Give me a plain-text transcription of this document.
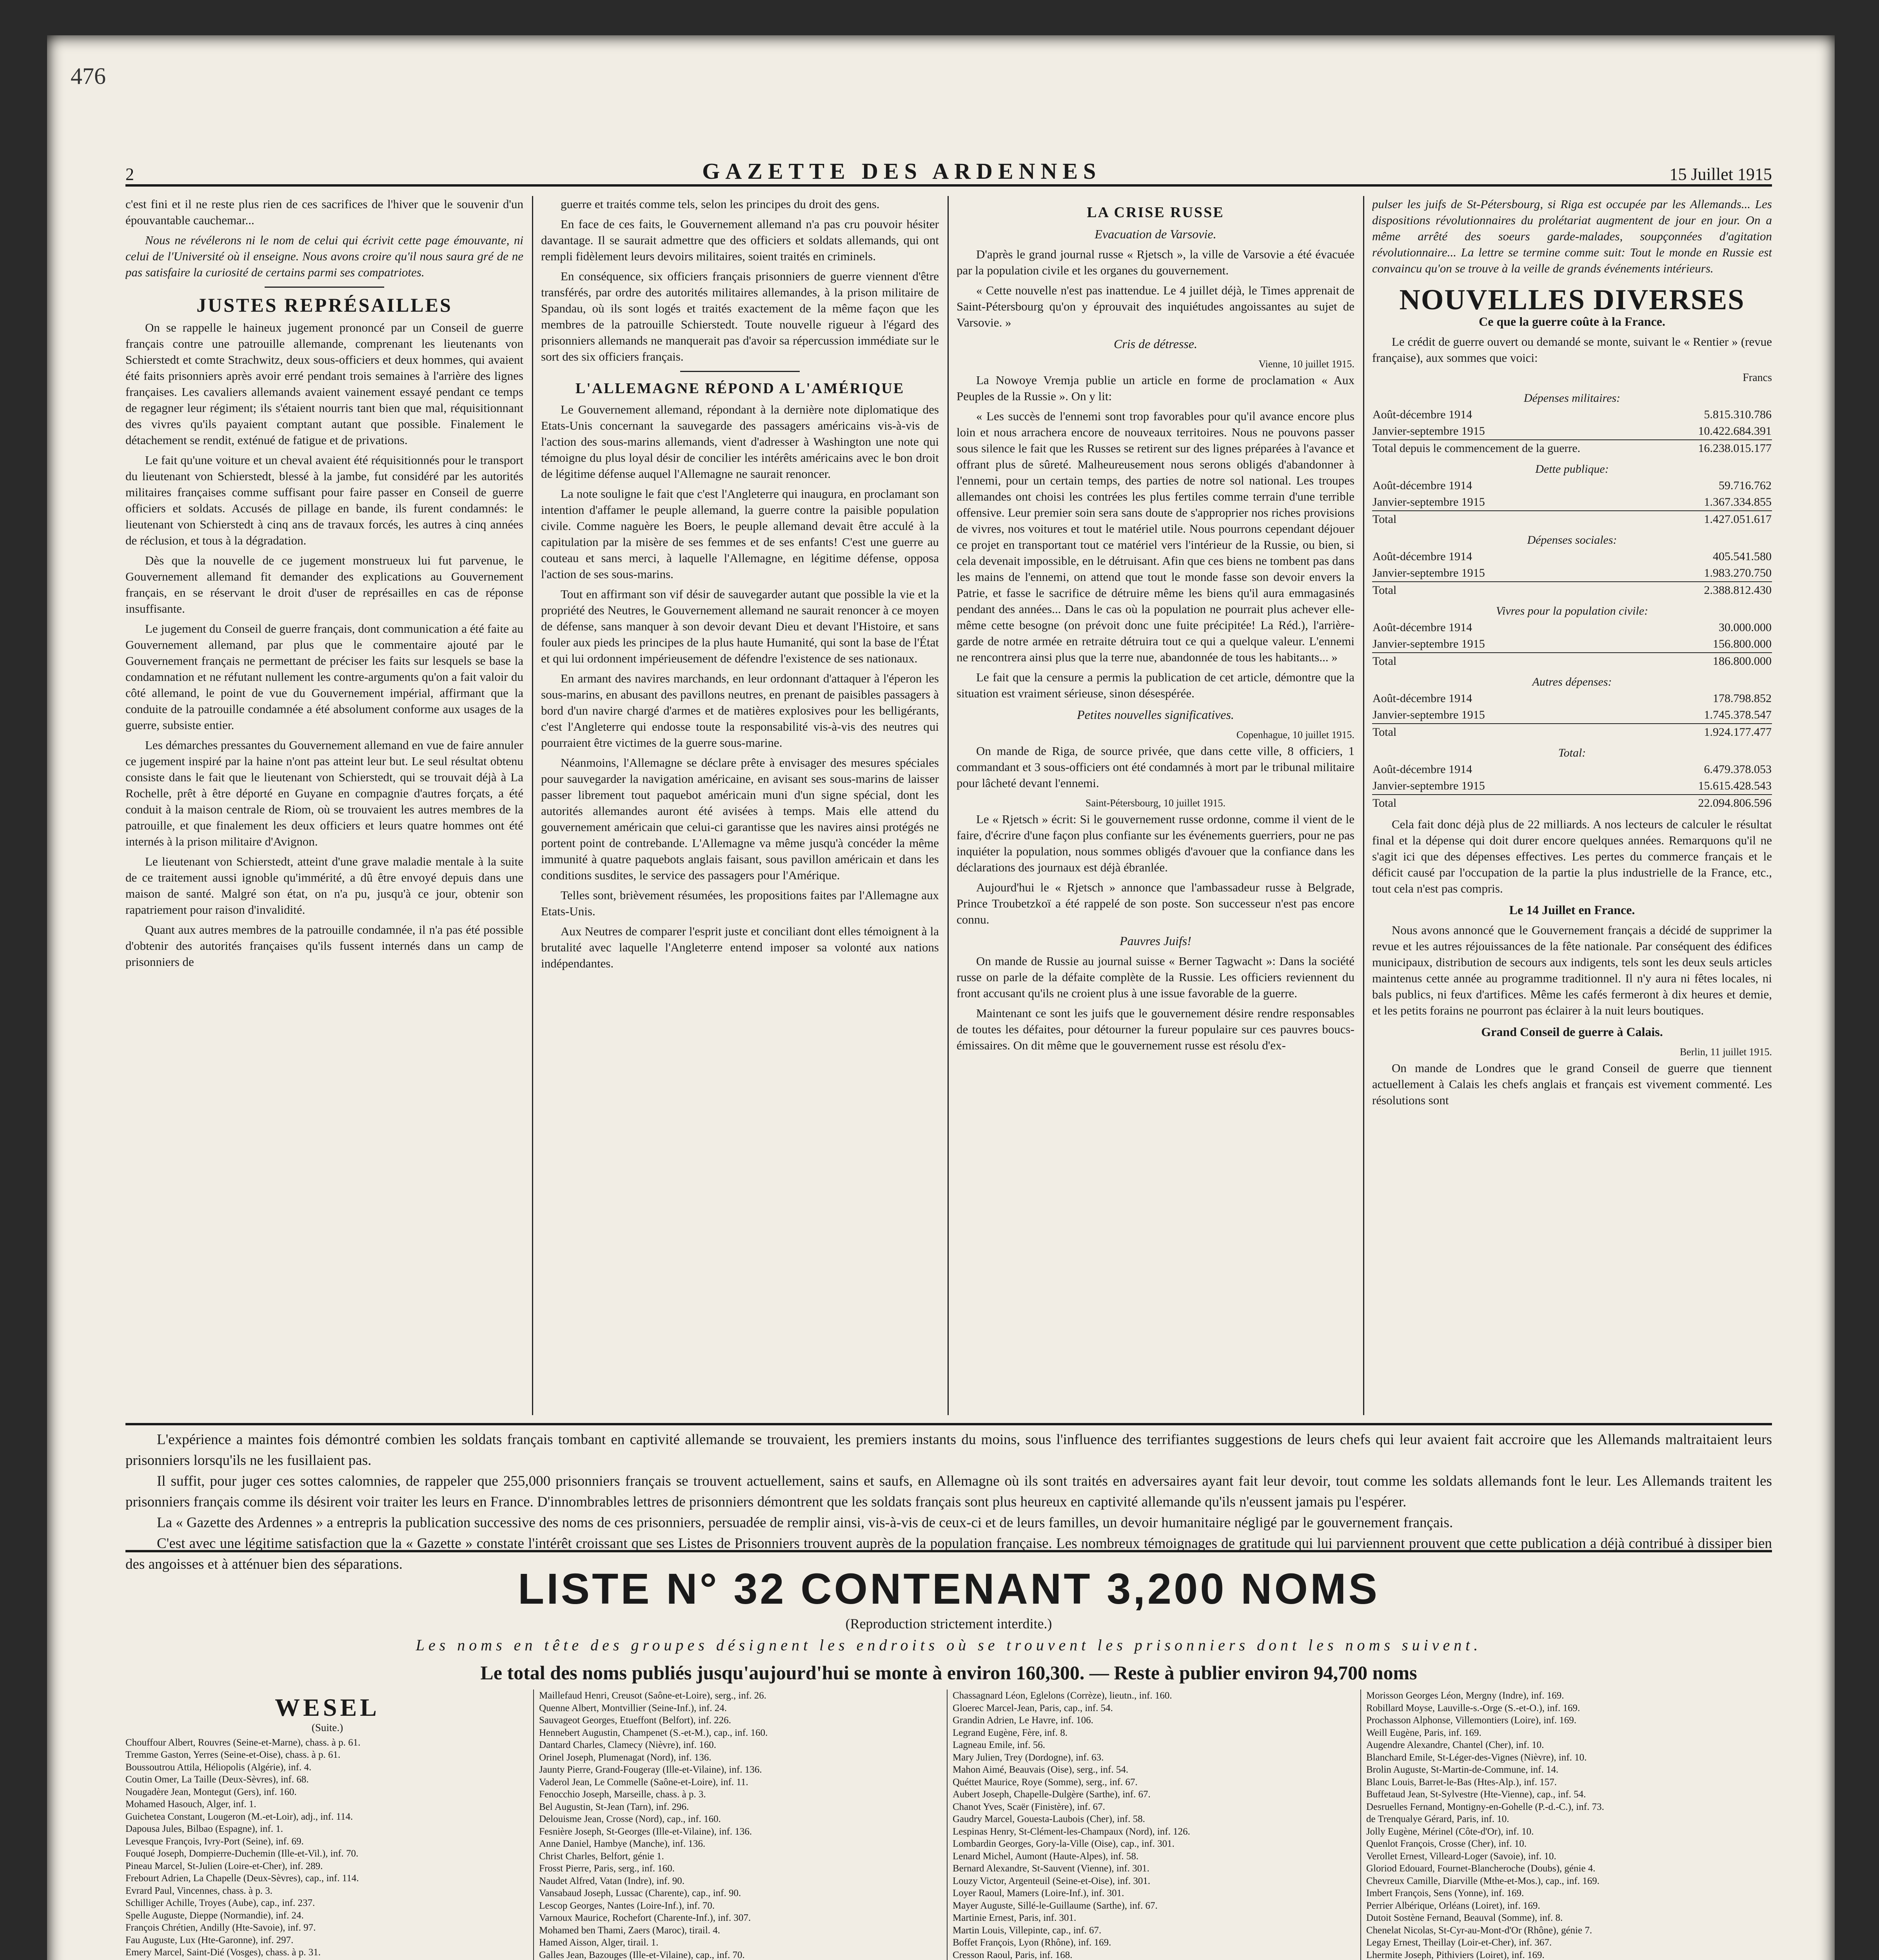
476
2	GAZETTE DES ARDENNES	15 Juillet 1915

c'est fini et il ne reste plus rien de ces sacrifices de l'hiver que le souvenir d'un épouvantable cauchemar...

Nous ne révélerons ni le nom de celui qui écrivit cette page émouvante, ni celui de l'Université où il enseigne. Nous avons croire qu'il nous saura gré de ne pas satisfaire la curiosité de certains parmi ses compatriotes.

JUSTES REPRÉSAILLES

On se rappelle le haineux jugement prononcé par un Conseil de guerre français contre une patrouille allemande, comprenant les lieutenants von Schierstedt et comte Strachwitz, deux sous-officiers et deux hommes, qui avaient été faits prisonniers après avoir erré pendant trois semaines à l'arrière des lignes françaises. Les cavaliers allemands avaient vainement essayé pendant ce temps de regagner leur régiment; ils s'étaient nourris tant bien que mal, réquisitionnant des vivres qu'ils payaient comptant autant que possible. Finalement le détachement se rendit, exténué de fatigue et de privations.

Le fait qu'une voiture et un cheval avaient été réquisitionnés pour le transport du lieutenant von Schierstedt, blessé à la jambe, fut considéré par les autorités militaires françaises comme suffisant pour faire passer en Conseil de guerre officiers et soldats. Accusés de pillage en bande, ils furent condamnés: le lieutenant von Schierstedt à cinq ans de travaux forcés, les autres à cinq années de réclusion, et tous à la dégradation.

Dès que la nouvelle de ce jugement monstrueux lui fut parvenue, le Gouvernement allemand fit demander des explications au Gouvernement français, en se réservant le droit d'user de représailles en cas de réponse insuffisante.

Le jugement du Conseil de guerre français, dont communication a été faite au Gouvernement allemand, par plus que le commentaire ajouté par le Gouvernement français ne permettant de préciser les faits sur lesquels se base la condamnation et ne réfutant nullement les contre-arguments qu'on a fait valoir du côté allemand, le point de vue du Gouvernement impérial, affirmant que la conduite de la patrouille condamnée a été absolument conforme aux usages de la guerre, subsiste entier.

Les démarches pressantes du Gouvernement allemand en vue de faire annuler ce jugement inspiré par la haine n'ont pas atteint leur but. Le seul résultat obtenu consiste dans le fait que le lieutenant von Schierstedt, qui se trouvait déjà à La Rochelle, prêt à être déporté en Guyane en compagnie d'autres forçats, a été conduit à la maison centrale de Riom, où se trouvaient les autres membres de la patrouille, et que finalement les deux officiers et leurs quatre hommes ont été internés à la prison militaire d'Avignon.

Le lieutenant von Schierstedt, atteint d'une grave maladie mentale à la suite de ce traitement aussi ignoble qu'immérité, a dû être envoyé depuis dans une maison de santé. Malgré son état, on n'a pu, jusqu'à ce jour, obtenir son rapatriement pour raison d'invalidité.

Quant aux autres membres de la patrouille condamnée, il n'a pas été possible d'obtenir des autorités françaises qu'ils fussent internés dans un camp de prisonniers de

guerre et traités comme tels, selon les principes du droit des gens.

En face de ces faits, le Gouvernement allemand n'a pas cru pouvoir hésiter davantage. Il se saurait admettre que des officiers et soldats allemands, qui ont rempli fidèlement leurs devoirs militaires, soient traités en criminels.

En conséquence, six officiers français prisonniers de guerre viennent d'être transférés, par ordre des autorités militaires allemandes, à la prison militaire de Spandau, où ils sont logés et traités exactement de la même façon que les membres de la patrouille Schierstedt. Toute nouvelle rigueur à l'égard des prisonniers allemands ne manquerait pas d'avoir sa répercussion immédiate sur le sort des six officiers français.

L'ALLEMAGNE RÉPOND A L'AMÉRIQUE

Le Gouvernement allemand, répondant à la dernière note diplomatique des Etats-Unis concernant la sauvegarde des passagers américains vis-à-vis de l'action des sous-marins allemands, vient d'adresser à Washington une note qui témoigne du plus loyal désir de concilier les intérêts américains avec le bon droit de légitime défense auquel l'Allemagne ne saurait renoncer.

La note souligne le fait que c'est l'Angleterre qui inaugura, en proclamant son intention d'affamer le peuple allemand, la guerre contre la paisible population civile. Comme naguère les Boers, le peuple allemand devait être acculé à la capitulation par la misère de ses femmes et de ses enfants! C'est une guerre au couteau et sans merci, à laquelle l'Allemagne, en légitime défense, opposa l'action de ses sous-marins.

Tout en affirmant son vif désir de sauvegarder autant que possible la vie et la propriété des Neutres, le Gouvernement allemand ne saurait renoncer à ce moyen de défense, sans manquer à son devoir devant Dieu et devant l'Histoire, et sans fouler aux pieds les principes de la plus haute Humanité, qui sont la base de l'État et qui lui ordonnent impérieusement de défendre l'existence de ses nationaux.

En armant des navires marchands, en leur ordonnant d'attaquer à l'éperon les sous-marins, en abusant des pavillons neutres, en prenant de paisibles passagers à bord d'un navire chargé d'armes et de matières explosives pour les belligérants, c'est l'Angleterre qui endosse toute la responsabilité vis-à-vis des neutres qui pourraient être victimes de la guerre sous-marine.

Néanmoins, l'Allemagne se déclare prête à envisager des mesures spéciales pour sauvegarder la navigation américaine, en avisant ses sous-marins de laisser passer librement tout paquebot américain muni d'un signe spécial, dont les autorités allemandes auront été avisées à temps. Mais elle attend du gouvernement américain que celui-ci garantisse que les navires ainsi protégés ne portent point de contrebande. L'Allemagne va même jusqu'à concéder la même immunité à quatre paquebots anglais faisant, sous pavillon américain et dans les conditions susdites, le service des passagers pour l'Amérique.

Telles sont, brièvement résumées, les propositions faites par l'Allemagne aux Etats-Unis.

Aux Neutres de comparer l'esprit juste et conciliant dont elles témoignent à la brutalité avec laquelle l'Angleterre entend imposer sa volonté aux nations indépendantes.

LA CRISE RUSSE
Evacuation de Varsovie.

D'après le grand journal russe « Rjetsch », la ville de Varsovie a été évacuée par la population civile et les organes du gouvernement.

« Cette nouvelle n'est pas inattendue. Le 4 juillet déjà, le Times apprenait de Saint-Pétersbourg qu'on y éprouvait des inquiétudes angoissantes au sujet de Varsovie. »

Cris de détresse.
Vienne, 10 juillet 1915.

La Nowoye Vremja publie un article en forme de proclamation « Aux Peuples de la Russie ». On y lit:

« Les succès de l'ennemi sont trop favorables pour qu'il avance encore plus loin et nous arrachera encore de nouveaux territoires. Nous ne pouvons passer sous silence le fait que les Russes se retirent sur des lignes préparées à l'avance et offrant plus de sûreté. Malheureusement nous serons obligés d'abandonner à l'ennemi, pour un certain temps, des parties de notre sol national. Les troupes allemandes ont choisi les contrées les plus fertiles comme terrain d'une terrible offensive. Leur premier soin sera sans doute de s'approprier nos riches provisions de vivres, nos voitures et tout le matériel utile. Nous pourrons cependant déjouer ce projet en transportant tout ce matériel vers l'intérieur de la Russie, ou bien, si cela devenait impossible, en le détruisant. Afin que ces biens ne tombent pas dans les mains de l'ennemi, on attend que tout le monde fasse son devoir envers la Patrie, et fasse le sacrifice de détruire même les biens qu'il aura emmagasinés pendant des années... Dans le cas où la population ne pourrait plus achever elle-même cette besogne (on prévoit donc une fuite précipitée! La Réd.), l'arrière-garde de notre armée en retraite détruira tout ce qui a quelque valeur. L'ennemi ne rencontrera ainsi plus que la terre nue, abandonnée de tous les habitants... »

Le fait que la censure a permis la publication de cet article, démontre que la situation est vraiment sérieuse, sinon désespérée.

Petites nouvelles significatives.
Copenhague, 10 juillet 1915.

On mande de Riga, de source privée, que dans cette ville, 8 officiers, 1 commandant et 3 sous-officiers ont été condamnés à mort par le tribunal militaire pour lâcheté devant l'ennemi.

Saint-Pétersbourg, 10 juillet 1915.

Le « Rjetsch » écrit: Si le gouvernement russe ordonne, comme il vient de le faire, d'écrire d'une façon plus confiante sur les événements guerriers, pour ne pas inquiéter la population, nous sommes obligés d'avouer que la confiance dans les déclarations des journaux est déjà ébranlée.

Aujourd'hui le « Rjetsch » annonce que l'ambassadeur russe à Belgrade, Prince Troubetzkoï a été rappelé de son poste. Son successeur n'est pas encore connu.

Pauvres Juifs!

On mande de Russie au journal suisse « Berner Tagwacht »: Dans la société russe on parle de la défaite complète de la Russie. Les officiers reviennent du front accusant qu'ils ne croient plus à une issue favorable de la guerre.

Maintenant ce sont les juifs que le gouvernement désire rendre responsables de toutes les défaites, pour détourner la fureur populaire sur ces pauvres boucs-émissaires. On dit même que le gouvernement russe est résolu d'ex-

pulser les juifs de St-Pétersbourg, si Riga est occupée par les Allemands... Les dispositions révolutionnaires du prolétariat augmentent de jour en jour. On a même arrêté des soeurs garde-malades, soupçonnées d'agitation révolutionnaire... La lettre se termine comme suit: Tout le monde en Russie est convaincu qu'on se trouve à la veille de grands événements intérieurs.

NOUVELLES DIVERSES
Ce que la guerre coûte à la France.

Le crédit de guerre ouvert ou demandé se monte, suivant le « Rentier » (revue française), aux sommes que voici:

Francs
Dépenses militaires:	
Août-décembre 1914	5.815.310.786
Janvier-septembre 1915	10.422.684.391
Total depuis le commencement de la guerre.	16.238.015.177
Dette publique:	
Août-décembre 1914	59.716.762
Janvier-septembre 1915	1.367.334.855
Total	1.427.051.617
Dépenses sociales:	
Août-décembre 1914	405.541.580
Janvier-septembre 1915	1.983.270.750
Total	2.388.812.430
Vivres pour la population civile:	
Août-décembre 1914	30.000.000
Janvier-septembre 1915	156.800.000
Total	186.800.000
Autres dépenses:	
Août-décembre 1914	178.798.852
Janvier-septembre 1915	1.745.378.547
Total	1.924.177.477
Total:	
Août-décembre 1914	6.479.378.053
Janvier-septembre 1915	15.615.428.543
Total	22.094.806.596

Cela fait donc déjà plus de 22 milliards. A nos lecteurs de calculer le résultat final et la dépense qui doit durer encore quelques années. Remarquons qu'il ne s'agit ici que des dépenses effectives. Les pertes du commerce français et le déficit causé par l'occupation de la partie la plus industrielle de la France, etc., tout cela n'est pas compris.

Le 14 Juillet en France.

Nous avons annoncé que le Gouvernement français a décidé de supprimer la revue et les autres réjouissances de la fête nationale. Par conséquent des édifices municipaux, distribution de secours aux indigents, tels sont les deux seuls articles maintenus cette année au programme traditionnel. Il n'y aura ni fêtes locales, ni bals publics, ni feux d'artifices. Même les cafés fermeront à dix heures et demie, et les petits forains ne pourront pas éclairer à la nuit leurs boutiques.

Grand Conseil de guerre à Calais.
Berlin, 11 juillet 1915.

On mande de Londres que le grand Conseil de guerre que tiennent actuellement à Calais les chefs anglais et français est vivement commenté. Les résolutions sont

L'expérience a maintes fois démontré combien les soldats français tombant en captivité allemande se trouvaient, les premiers instants du moins, sous l'influence des terrifiantes suggestions de leurs chefs qui leur avaient fait accroire que les Allemands maltraitaient leurs prisonniers lorsqu'ils ne les fusillaient pas.

Il suffit, pour juger ces sottes calomnies, de rappeler que 255,000 prisonniers français se trouvent actuellement, sains et saufs, en Allemagne où ils sont traités en adversaires ayant fait leur devoir, tout comme les soldats allemands font le leur. Les Allemands traitent les prisonniers français comme ils désirent voir traiter les leurs en France. D'innombrables lettres de prisonniers démontrent que les soldats français sont plus heureux en captivité allemande qu'ils n'eussent jamais pu l'espérer.

La « Gazette des Ardennes » a entrepris la publication successive des noms de ces prisonniers, persuadée de remplir ainsi, vis-à-vis de ceux-ci et de leurs familles, un devoir humanitaire négligé par le gouvernement français.

C'est avec une légitime satisfaction que la « Gazette » constate l'intérêt croissant que ses Listes de Prisonniers trouvent auprès de la population française. Les nombreux témoignages de gratitude qui lui parviennent prouvent que cette publication a déjà contribué à dissiper bien des angoisses et à atténuer bien des séparations.

LISTE N° 32 CONTENANT 3,200 NOMS
(Reproduction strictement interdite.)
Les noms en tête des groupes désignent les endroits où se trouvent les prisonniers dont les noms suivent.
Le total des noms publiés jusqu'aujourd'hui se monte à environ 160,300. — Reste à publier environ 94,700 noms
WESEL
(Suite.)
Chouffour Albert, Rouvres (Seine-et-Marne), chass. à p. 61.
Tremme Gaston, Yerres (Seine-et-Oise), chass. à p. 61.
Boussoutrou Attila, Héliopolis (Algérie), inf. 4.
Coutin Omer, La Taille (Deux-Sèvres), inf. 68.
Nougadère Jean, Montegut (Gers), inf. 160.
Mohamed Hasouch, Alger, inf. 1.
Guichetea Constant, Lougeron (M.-et-Loir), adj., inf. 114.
Dapousa Jules, Bilbao (Espagne), inf. 1.
Levesque François, Ivry-Port (Seine), inf. 69.
Fouqué Joseph, Dompierre-Duchemin (Ille-et-Vil.), inf. 70.
Pineau Marcel, St-Julien (Loire-et-Cher), inf. 289.
Frebourt Adrien, La Chapelle (Deux-Sèvres), cap., inf. 114.
Evrard Paul, Vincennes, chass. à p. 3.
Schilliger Achille, Troyes (Aube), cap., inf. 237.
Spelle Auguste, Dieppe (Normandie), inf. 24.
François Chrétien, Andilly (Hte-Savoie), inf. 97.
Fau Auguste, Lux (Hte-Garonne), inf. 297.
Emery Marcel, Saint-Dié (Vosges), chass. à p. 31.
Maillefaud Henri, Creusot (Saône-et-Loire), serg., inf. 26.
Quenne Albert, Montvillier (Seine-Inf.), inf. 24.
Sauvageot Georges, Etueffont (Belfort), inf. 226.
Hennebert Augustin, Champenet (S.-et-M.), cap., inf. 160.
Dantard Charles, Clamecy (Nièvre), inf. 160.
Orinel Joseph, Plumenagat (Nord), inf. 136.
Jaunty Pierre, Grand-Fougeray (Ille-et-Vilaine), inf. 136.
Vaderol Jean, Le Commelle (Saône-et-Loire), inf. 11.
Fenocchio Joseph, Marseille, chass. à p. 3.
Bel Augustin, St-Jean (Tarn), inf. 296.
Delouisme Jean, Crosse (Nord), cap., inf. 160.
Fesnière Joseph, St-Georges (Ille-et-Vilaine), inf. 136.
Anne Daniel, Hambye (Manche), inf. 136.
Christ Charles, Belfort, génie 1.
Frosst Pierre, Paris, serg., inf. 160.
Naudet Alfred, Vatan (Indre), inf. 90.
Vansabaud Joseph, Lussac (Charente), cap., inf. 90.
Lescop Georges, Nantes (Loire-Inf.), inf. 70.
Varnoux Maurice, Rochefort (Charente-Inf.), inf. 307.
Mohamed ben Thami, Zaers (Maroc), tirail. 4.
Hamed Aisson, Alger, tirail. 1.
Galles Jean, Bazouges (Ille-et-Vilaine), cap., inf. 70.
Chassagnard Léon, Eglelons (Corrèze), lieutn., inf. 160.
Gloerec Marcel-Jean, Paris, cap., inf. 54.
Grandin Adrien, Le Havre, inf. 106.
Legrand Eugène, Fère, inf. 8.
Lagneau Emile, inf. 56.
Mary Julien, Trey (Dordogne), inf. 63.
Mahon Aimé, Beauvais (Oise), serg., inf. 54.
Quéttet Maurice, Roye (Somme), serg., inf. 67.
Aubert Joseph, Chapelle-Dulgère (Sarthe), inf. 67.
Chanot Yves, Scaër (Finistère), inf. 67.
Gaudry Marcel, Gouesta-Laubois (Cher), inf. 58.
Lespinas Henry, St-Clément-les-Champaux (Nord), inf. 126.
Lombardin Georges, Gory-la-Ville (Oise), cap., inf. 301.
Lenard Michel, Aumont (Haute-Alpes), inf. 58.
Bernard Alexandre, St-Sauvent (Vienne), inf. 301.
Louzy Victor, Argenteuil (Seine-et-Oise), inf. 301.
Loyer Raoul, Mamers (Loire-Inf.), inf. 301.
Mayer Auguste, Sillé-le-Guillaume (Sarthe), inf. 67.
Martinie Ernest, Paris, inf. 301.
Martin Louis, Villepinte, cap., inf. 67.
Boffet François, Lyon (Rhône), inf. 169.
Cresson Raoul, Paris, inf. 168.
Morisson Georges Léon, Mergny (Indre), inf. 169.
Robillard Moyse, Lauville-s.-Orge (S.-et-O.), inf. 169.
Prochasson Alphonse, Villemontiers (Loire), inf. 169.
Weill Eugène, Paris, inf. 169.
Augendre Alexandre, Chantel (Cher), inf. 10.
Blanchard Emile, St-Léger-des-Vignes (Nièvre), inf. 10.
Brolin Auguste, St-Martin-de-Commune, inf. 14.
Blanc Louis, Barret-le-Bas (Htes-Alp.), inf. 157.
Buffetaud Jean, St-Sylvestre (Hte-Vienne), cap., inf. 54.
Desruelles Fernand, Montigny-en-Gohelle (P.-d.-C.), inf. 73.
de Trenqualye Gérard, Paris, inf. 10.
Jolly Eugène, Mérinel (Côte-d'Or), inf. 10.
Quenlot François, Crosse (Cher), inf. 10.
Verollet Ernest, Villeard-Loger (Savoie), inf. 10.
Gloriod Edouard, Fournet-Blancheroche (Doubs), génie 4.
Chevreux Camille, Diarville (Mthe-et-Mos.), cap., inf. 169.
Imbert François, Sens (Yonne), inf. 169.
Perrier Albérique, Orléans (Loiret), inf. 169.
Dutoit Sostène Fernand, Beauval (Somme), inf. 8.
Chenelat Nicolas, St-Cyr-au-Mont-d'Or (Rhône), génie 7.
Legay Ernest, Theillay (Loir-et-Cher), inf. 367.
Lhermite Joseph, Pithiviers (Loiret), inf. 169.
